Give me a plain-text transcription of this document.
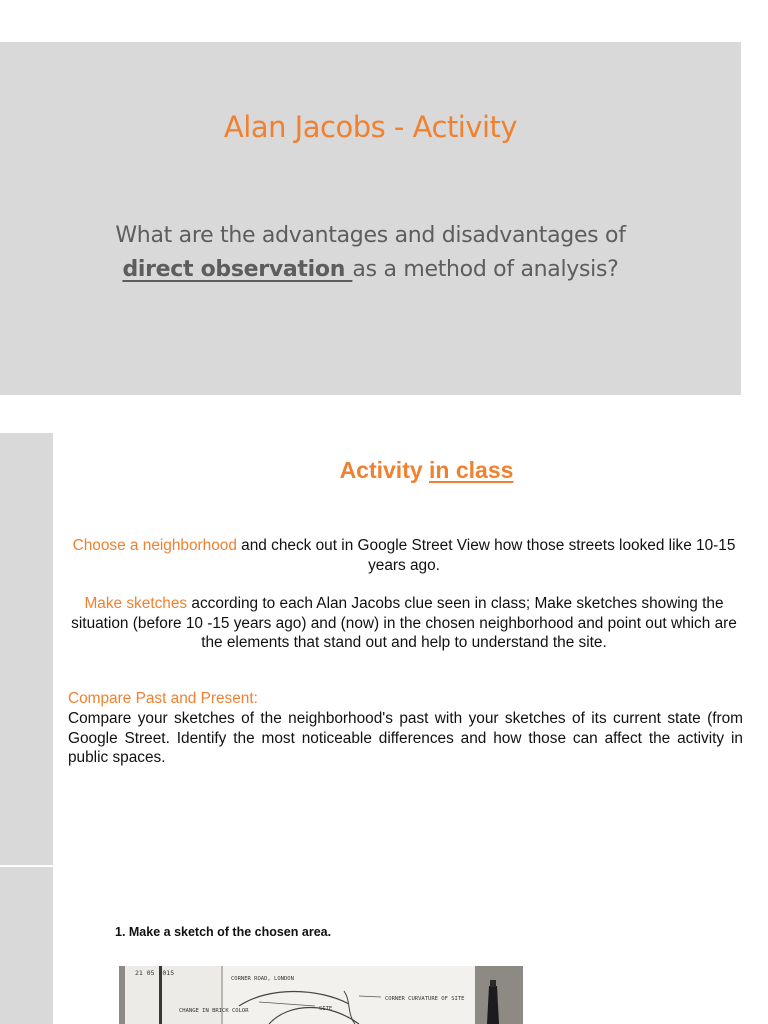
Alan Jacobs - Activity
What are the advantages and disadvantages of direct observation as a method of analysis?
Activity in class
Choose a neighborhood and check out in Google Street View how those streets looked like 10-15 years ago.
Make sketches according to each Alan Jacobs clue seen in class; Make sketches showing the situation (before 10 -15 years ago) and (now) in the chosen neighborhood and point out which are the elements that stand out and help to understand the site.
Compare Past and Present:
Compare your sketches of the neighborhood's past with your sketches of its current state (from Google Street. Identify the most noticeable differences and how those can affect the activity in public spaces.
1. Make a sketch of the chosen area.
21 05 2015
CORNER ROAD, LONDON
SITE
CHANGE IN BRICK COLOR
CORNER CURVATURE OF SITE
